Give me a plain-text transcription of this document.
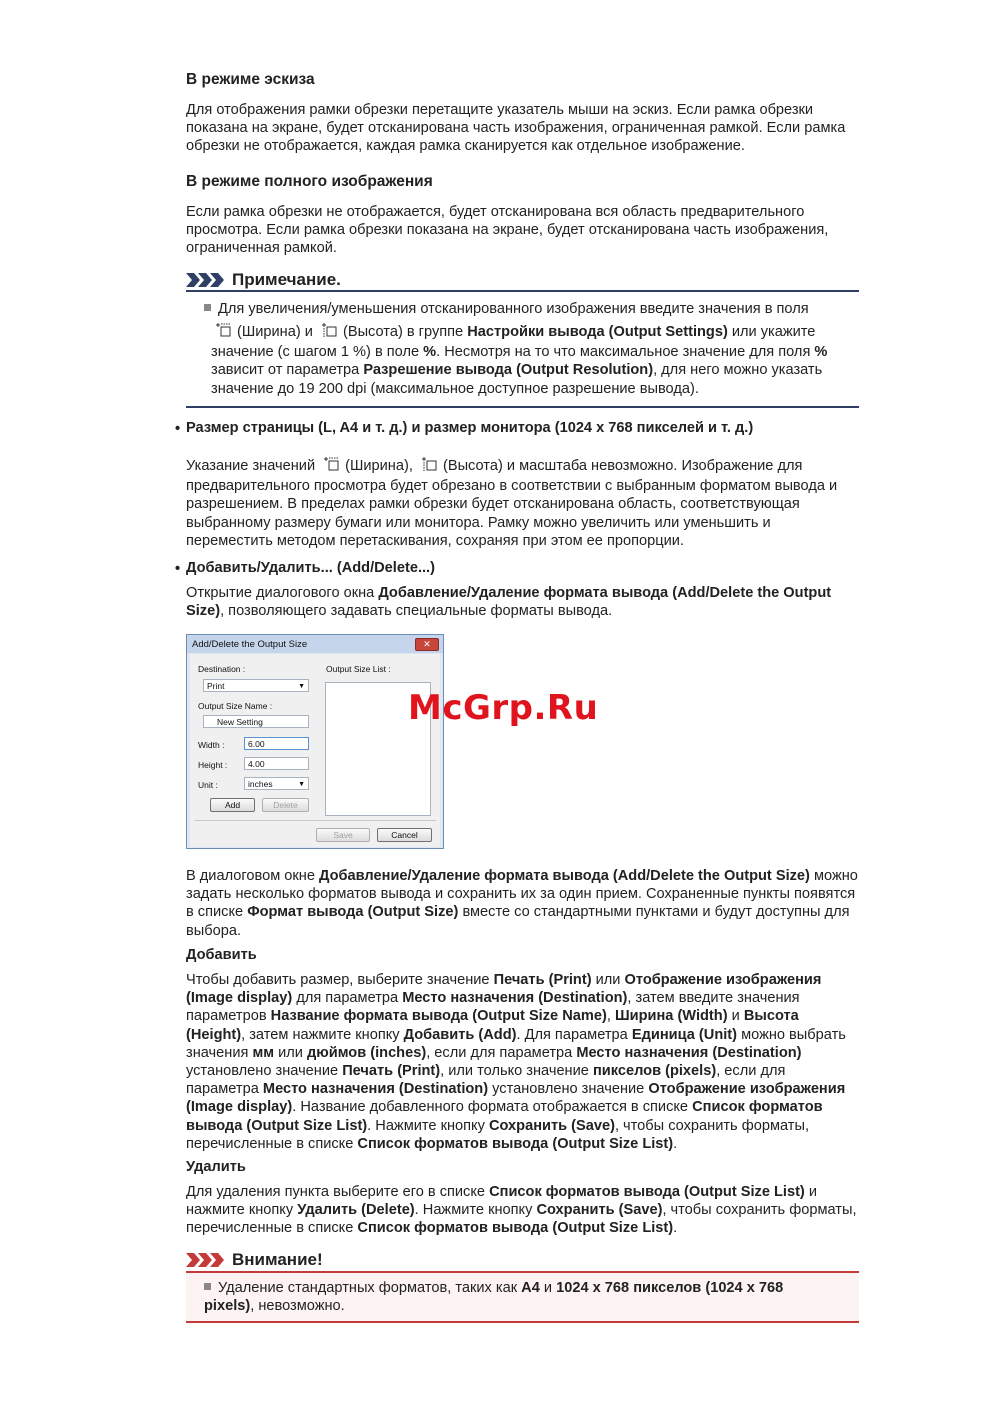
В режиме эскиза

Для отображения рамки обрезки перетащите указатель мыши на эскиз. Если рамка обрезки показана на экране, будет отсканирована часть изображения, ограниченная рамкой. Если рамка обрезки не отображается, каждая рамка сканируется как отдельное изображение.

В режиме полного изображения

Если рамка обрезки не отображается, будет отсканирована вся область предварительного просмотра. Если рамка обрезки показана на экране, будет отсканирована часть изображения, ограниченная рамкой.

Примечание.
Для увеличения/уменьшения отсканированного изображения введите значения в поля
(Ширина) и (Высота) в группе Настройки вывода (Output Settings) или укажите значение (с шагом 1 %) в поле %. Несмотря на то что максимальное значение для поля % зависит от параметра Разрешение вывода (Output Resolution), для него можно указать значение до 19 200 dpi (максимальное доступное разрешение вывода).
• Размер страницы (L, A4 и т. д.) и размер монитора (1024 x 768 пикселей и т. д.)

Указание значений (Ширина), (Высота) и масштаба невозможно. Изображение для предварительного просмотра будет обрезано в соответствии с выбранным форматом вывода и разрешением. В пределах рамки обрезки будет отсканирована область, соответствующая выбранному размеру бумаги или монитора. Рамку можно увеличить или уменьшить и переместить методом перетаскивания, сохраняя при этом ее пропорции.

• Добавить/Удалить... (Add/Delete...)

Открытие диалогового окна Добавление/Удаление формата вывода (Add/Delete the Output Size), позволяющего задавать специальные форматы вывода.

В диалоговом окне Добавление/Удаление формата вывода (Add/Delete the Output Size) можно задать несколько форматов вывода и сохранить их за один прием. Сохраненные пункты появятся в списке Формат вывода (Output Size) вместе со стандартными пунктами и будут доступны для выбора.

Добавить

Чтобы добавить размер, выберите значение Печать (Print) или Отображение изображения (Image display) для параметра Место назначения (Destination), затем введите значения параметров Название формата вывода (Output Size Name), Ширина (Width) и Высота (Height), затем нажмите кнопку Добавить (Add). Для параметра Единица (Unit) можно выбрать значения мм или дюймов (inches), если для параметра Место назначения (Destination) установлено значение Печать (Print), или только значение пикселов (pixels), если для параметра Место назначения (Destination) установлено значение Отображение изображения (Image display). Название добавленного формата отображается в списке Список форматов вывода (Output Size List). Нажмите кнопку Сохранить (Save), чтобы сохранить форматы, перечисленные в списке Список форматов вывода (Output Size List).

Удалить

Для удаления пункта выберите его в списке Список форматов вывода (Output Size List) и нажмите кнопку Удалить (Delete). Нажмите кнопку Сохранить (Save), чтобы сохранить форматы, перечисленные в списке Список форматов вывода (Output Size List).

Внимание!
Удаление стандартных форматов, таких как A4 и 1024 x 768 пикселов (1024 x 768 pixels), невозможно.
Add/Delete the Output Size	✕
Destination :
Print	▼
Output Size Name :
New Setting
Width :	6.00
Height :	4.00
Unit :	inches	▼
Add	Delete
Output Size List :
Save	Cancel
McGrp.Ru
